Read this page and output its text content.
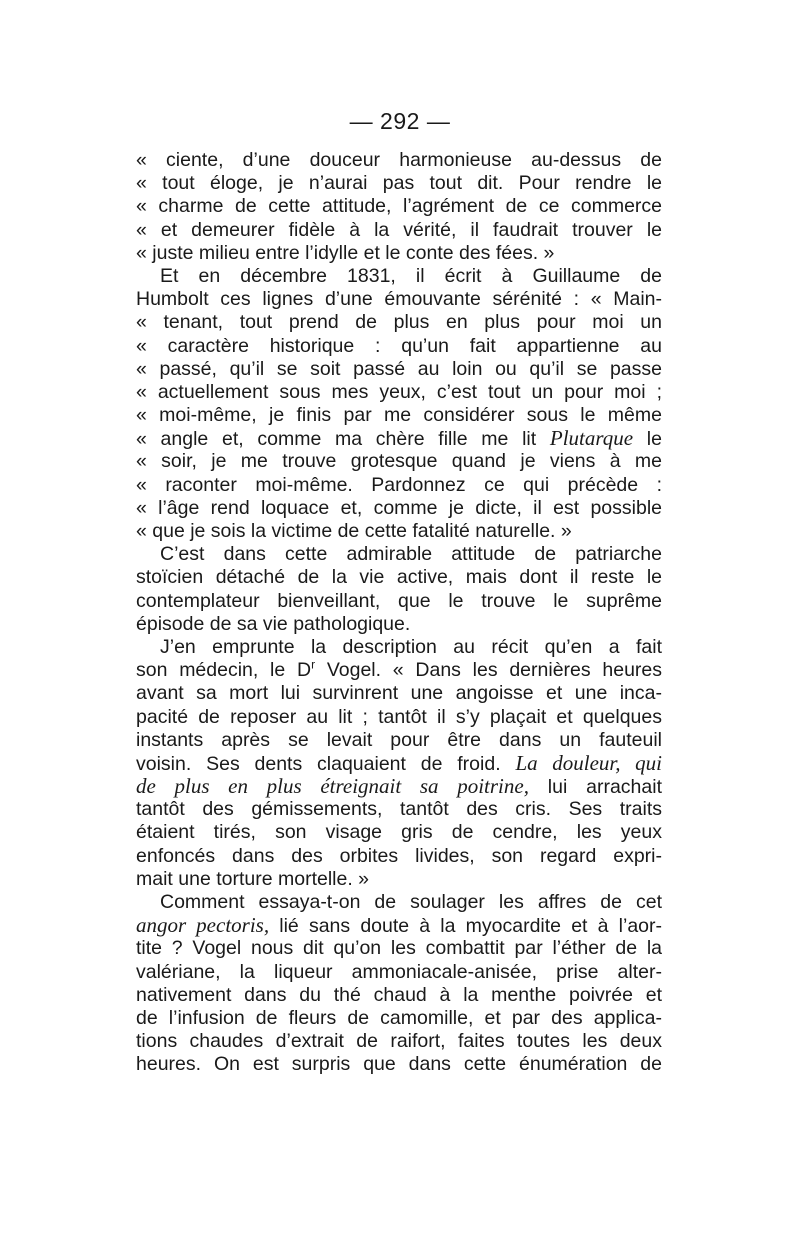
— 292 —
« ciente, d’une douceur harmonieuse au-dessus de
« tout éloge, je n’aurai pas tout dit. Pour rendre le
« charme de cette attitude, l’agrément de ce commerce
« et demeurer fidèle à la vérité, il faudrait trouver le
« juste milieu entre l’idylle et le conte des fées. »
Et en décembre 1831, il écrit à Guillaume de
Humbolt ces lignes d’une émouvante sérénité : « Main-
« tenant, tout prend de plus en plus pour moi un
« caractère historique : qu’un fait appartienne au
« passé, qu’il se soit passé au loin ou qu’il se passe
« actuellement sous mes yeux, c’est tout un pour moi ;
« moi-même, je finis par me considérer sous le même
« angle et, comme ma chère fille me lit Plutarque le
« soir, je me trouve grotesque quand je viens à me
« raconter moi-même. Pardonnez ce qui précède :
« l’âge rend loquace et, comme je dicte, il est possible
« que je sois la victime de cette fatalité naturelle. »
C’est dans cette admirable attitude de patriarche
stoïcien détaché de la vie active, mais dont il reste le
contemplateur bienveillant, que le trouve le suprême
épisode de sa vie pathologique.
J’en emprunte la description au récit qu’en a fait
son médecin, le $D^r$ Vogel. « Dans les dernières heures
avant sa mort lui survinrent une angoisse et une inca-
pacité de reposer au lit ; tantôt il s’y plaçait et quelques
instants après se levait pour être dans un fauteuil
voisin. Ses dents claquaient de froid. La douleur, qui
de plus en plus étreignait sa poitrine, lui arrachait
tantôt des gémissements, tantôt des cris. Ses traits
étaient tirés, son visage gris de cendre, les yeux
enfoncés dans des orbites livides, son regard expri-
mait une torture mortelle. »
Comment essaya-t-on de soulager les affres de cet
angor pectoris, lié sans doute à la myocardite et à l’aor-
tite ? Vogel nous dit qu’on les combattit par l’éther de la
valériane, la liqueur ammoniacale-anisée, prise alter-
nativement dans du thé chaud à la menthe poivrée et
de l’infusion de fleurs de camomille, et par des applica-
tions chaudes d’extrait de raifort, faites toutes les deux
heures. On est surpris que dans cette énumération de
